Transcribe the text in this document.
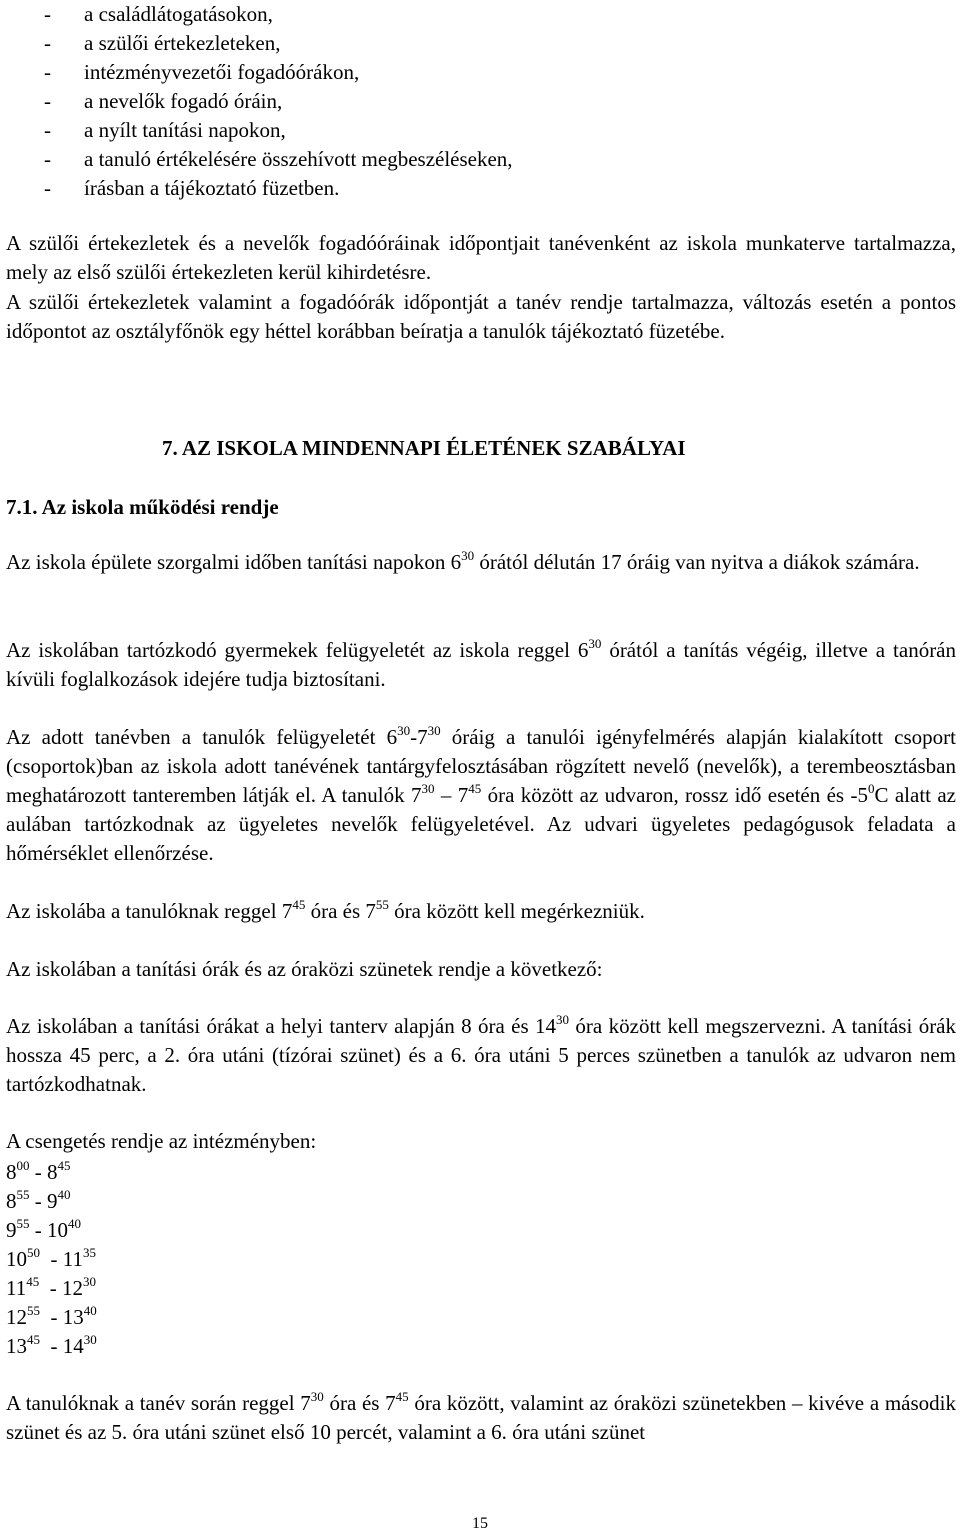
- a családlátogatásokon,
- a szülői értekezleteken,
- intézményvezetői fogadóórákon,
- a nevelők fogadó óráin,
- a nyílt tanítási napokon,
- a tanuló értékelésére összehívott megbeszéléseken,
- írásban a tájékoztató füzetben.

A szülői értekezletek és a nevelők fogadóóráinak időpontjait tanévenként az iskola munkaterve tartalmazza, mely az első szülői értekezleten kerül kihirdetésre.

A szülői értekezletek valamint a fogadóórák időpontját a tanév rendje tartalmazza, változás esetén a pontos időpontot az osztályfőnök egy héttel korábban beíratja a tanulók tájékoztató füzetébe.

7. AZ ISKOLA MINDENNAPI ÉLETÉNEK SZABÁLYAI
7.1. Az iskola működési rendje

Az iskola épülete szorgalmi időben tanítási napokon $6^{30}$ órától délután 17 óráig van nyitva a diákok számára.

Az iskolában tartózkodó gyermekek felügyeletét az iskola reggel $6^{30}$ órától a tanítás végéig, illetve a tanórán kívüli foglalkozások idejére tudja biztosítani.

Az adott tanévben a tanulók felügyeletét $6^{30}-7^{30}$ óráig a tanulói igényfelmérés alapján kialakított csoport (csoportok)ban az iskola adott tanévének tantárgyfelosztásában rögzített nevelő (nevelők), a terembeosztásban meghatározott tanteremben látják el. A tanulók $7^{30} - 7^{45}$ óra között az udvaron, rossz idő esetén és $-5^0C$ alatt az aulában tartózkodnak az ügyeletes nevelők felügyeletével. Az udvari ügyeletes pedagógusok feladata a hőmérséklet ellenőrzése.

Az iskolába a tanulóknak reggel $7^{45}$ óra és $7^{55}$ óra között kell megérkezniük.

Az iskolában a tanítási órák és az óraközi szünetek rendje a következő:

Az iskolában a tanítási órákat a helyi tanterv alapján 8 óra és $14^{30}$ óra között kell megszervezni. A tanítási órák hossza 45 perc, a 2. óra utáni (tízórai szünet) és a 6. óra utáni 5 perces szünetben a tanulók az udvaron nem tartózkodhatnak.

A csengetés rendje az intézményben:
$8^{00} - 8^{45}$
$8^{55} - 9^{40}$
$9^{55} - 10^{40}$
$10^{50} - 11^{35}$
$11^{45} - 12^{30}$
$12^{55} - 13^{40}$
$13^{45} - 14^{30}$

A tanulóknak a tanév során reggel $7^{30}$ óra és $7^{45}$ óra között, valamint az óraközi szünetekben – kivéve a második szünet és az 5. óra utáni szünet első 10 percét, valamint a 6. óra utáni szünet

15
